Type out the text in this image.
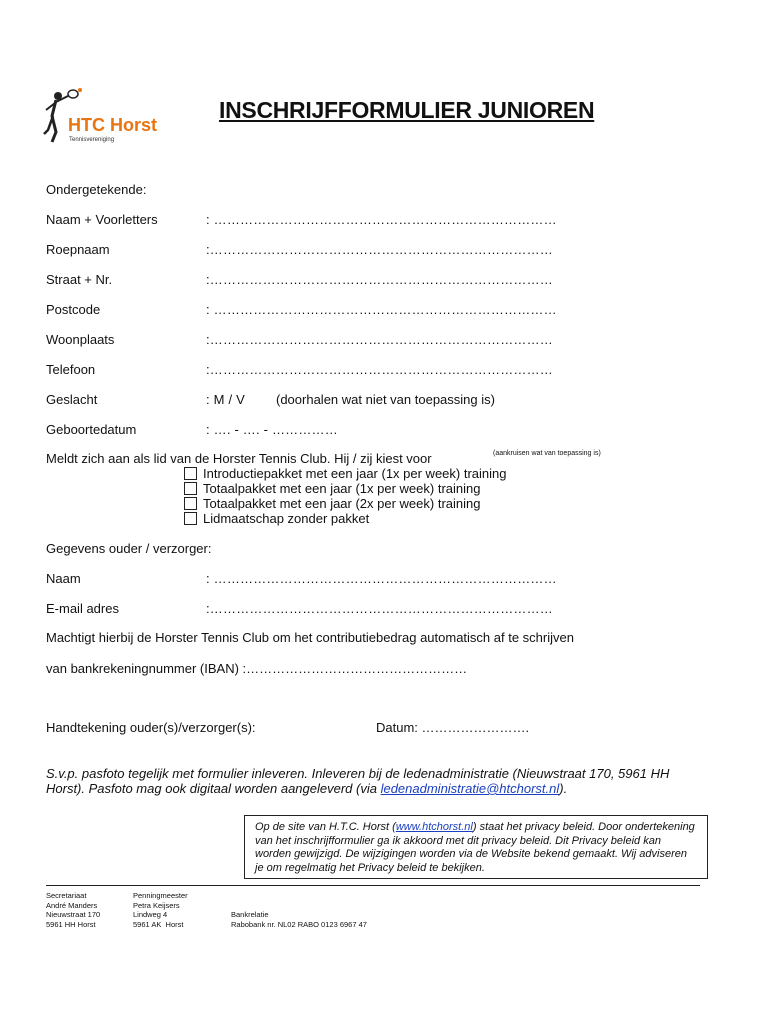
HTC Horst
Tennisvereniging
INSCHRIJFFORMULIER JUNIOREN
Ondergetekende:
Naam + Voorletters	: ……………………………………………………………………
Roepnaam	:……………………………………………………………………
Straat + Nr.	:……………………………………………………………………
Postcode	: ……………………………………………………………………
Woonplaats	:……………………………………………………………………
Telefoon	:……………………………………………………………………
Geslacht	: M / V (doorhalen wat niet van toepassing is)
Geboortedatum	: …. - …. - ……………
Meldt zich aan als lid van de Horster Tennis Club. Hij / zij kiest voor	(aankruisen wat van toepassing is)
Introductiepakket met een jaar (1x per week) training
Totaalpakket met een jaar (1x per week) training
Totaalpakket met een jaar (2x per week) training
Lidmaatschap zonder pakket
Gegevens ouder / verzorger:
Naam	: ……………………………………………………………………
E-mail adres	:……………………………………………………………………
Machtigt hierbij de Horster Tennis Club om het contributiebedrag automatisch af te schrijven
van bankrekeningnummer (IBAN) :……………………………………………
Handtekening ouder(s)/verzorger(s):	Datum: …………………….
S.v.p. pasfoto tegelijk met formulier inleveren. Inleveren bij de ledenadministratie (Nieuwstraat 170, 5961 HH
Horst). Pasfoto mag ook digitaal worden aangeleverd (via ledenadministratie@htchorst.nl).
Op de site van H.T.C. Horst (www.htchorst.nl) staat het privacy beleid. Door ondertekening van het inschrijfformulier ga ik akkoord met dit privacy beleid. Dit Privacy beleid kan worden gewijzigd. De wijzigingen worden via de Website bekend gemaakt. Wij adviseren je om regelmatig het Privacy beleid te bekijken.
Secretariaat
André Manders
Nieuwstraat 170
5961 HH Horst
Penningmeester
Petra Keijsers
Lindweg 4
5961 AK  Horst
Bankrelatie
Rabobank nr. NL02 RABO 0123 6967 47
